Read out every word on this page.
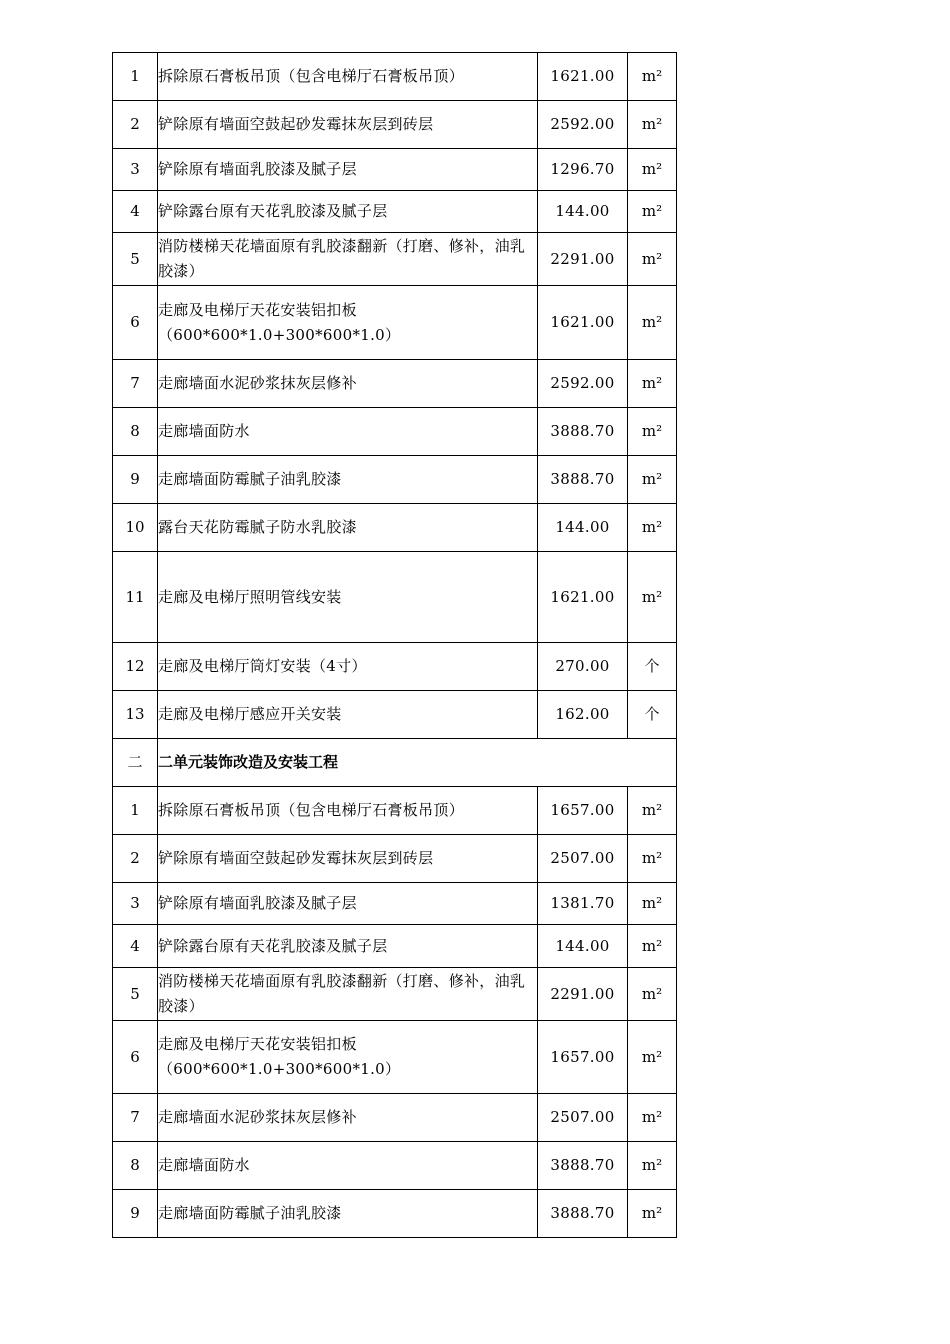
1	拆除原石膏板吊顶（包含电梯厅石膏板吊顶）	1621.00	m²
2	铲除原有墙面空鼓起砂发霉抹灰层到砖层	2592.00	m²
3	铲除原有墙面乳胶漆及腻子层	1296.70	m²
4	铲除露台原有天花乳胶漆及腻子层	144.00	m²
5	消防楼梯天花墙面原有乳胶漆翻新（打磨、修补，油乳胶漆）	2291.00	m²
6	走廊及电梯厅天花安装铝扣板（600*600*1.0+300*600*1.0）	1621.00	m²
7	走廊墙面水泥砂浆抹灰层修补	2592.00	m²
8	走廊墙面防水	3888.70	m²
9	走廊墙面防霉腻子油乳胶漆	3888.70	m²
10	露台天花防霉腻子防水乳胶漆	144.00	m²
11	走廊及电梯厅照明管线安装	1621.00	m²
12	走廊及电梯厅筒灯安装（4寸）	270.00	个
13	走廊及电梯厅感应开关安装	162.00	个
二	二单元装饰改造及安装工程		
1	拆除原石膏板吊顶（包含电梯厅石膏板吊顶）	1657.00	m²
2	铲除原有墙面空鼓起砂发霉抹灰层到砖层	2507.00	m²
3	铲除原有墙面乳胶漆及腻子层	1381.70	m²
4	铲除露台原有天花乳胶漆及腻子层	144.00	m²
5	消防楼梯天花墙面原有乳胶漆翻新（打磨、修补，油乳胶漆）	2291.00	m²
6	走廊及电梯厅天花安装铝扣板（600*600*1.0+300*600*1.0）	1657.00	m²
7	走廊墙面水泥砂浆抹灰层修补	2507.00	m²
8	走廊墙面防水	3888.70	m²
9	走廊墙面防霉腻子油乳胶漆	3888.70	m²
